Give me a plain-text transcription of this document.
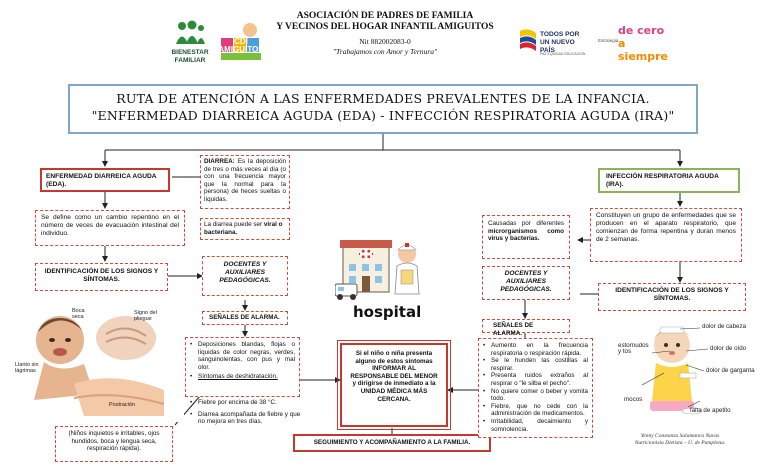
BIENESTAR FAMILIAR
CDI AMIGUITOS
ASOCIACIÓN DE PADRES DE FAMILIA
Y VECINOS DEL HOGAR INFANTIL AMIGUITOS
Nit 882002083-0
"Trabajamos con Amor y Ternura"
TODOS POR UN NUEVO PAÍS
PAZ EQUIDAD EDUCACIÓN
Estrategia
de cero
a siempre
RUTA DE ATENCIÓN A LAS ENFERMEDADES PREVALENTES DE LA INFANCIA.
"ENFERMEDAD DIARREICA AGUDA (EDA) - INFECCIÓN RESPIRATORIA AGUDA (IRA)"
ENFERMEDAD DIARREICA AGUDA (EDA).
Se define como un cambio repentino en el número de veces de evacuación intestinal del individuo.
DIARREA: Es la deposición de tres o más veces al día (o con una frecuencia mayor que la normal para la persona) de heces sueltas o líquidas.
La diarrea puede ser viral o bacteriana.
IDENTIFICACIÓN DE LOS SIGNOS Y SÍNTOMAS.
DOCENTES Y AUXILIARES PEDAGÓGICAS.
SEÑALES DE ALARMA.
• Deposiciones blandas, flojas o líquidas de color negras, verdes, sanguinolentas, con pus y mal olor.
• Síntomas de deshidratación.
• Fiebre por encima de 38 °C.
• Diarrea acompañada de fiebre y que no mejora en tres días.
(Niños inquietos e irritables, ojos hundidos, boca y lengua seca, respiración rápida).
Boca seca
Signo del pliegue
Llanto sin lágrimas
Postración
hospital
Si el niño o niña presenta alguno de estos síntomas INFORMAR AL RESPONSABLE DEL MENOR y dirigirse de inmediato a la UNIDAD MÉDICA MÁS CERCANA.
SEGUIMIENTO Y ACOMPAÑAMIENTO A LA FAMILIA.
INFECCIÓN RESPIRATORIA AGUDA (IRA).
Constituyen un grupo de enfermedades que se producen en el aparato respiratorio, que comienzan de forma repentina y duran menos de 2 semanas.
Causadas por diferentes microrganismos como virus y bacterias.
DOCENTES Y AUXILIARES PEDAGÓGICAS.	IDENTIFICACIÓN DE LOS SIGNOS Y SÍNTOMAS.
SEÑALES DE ALARMA.
• Aumento en la frecuencia respiratoria o respiración rápida.
• Se le hunden las costillas al respirar.
• Presenta ruidos extraños al respirar o "le silba el pecho".
• No quiere comer o beber y vomita todo.
• Fiebre, que no cede con la administración de medicamentos.
• Irritabilidad, decaimiento y somnolencia.
dolor de cabeza
dolor de oído
dolor de garganta
estornudos y tos
mocos
falta de apetito
Yenny Constanza Salamanca Navas
Nutricionista Dietista – U. de Pamplona.
